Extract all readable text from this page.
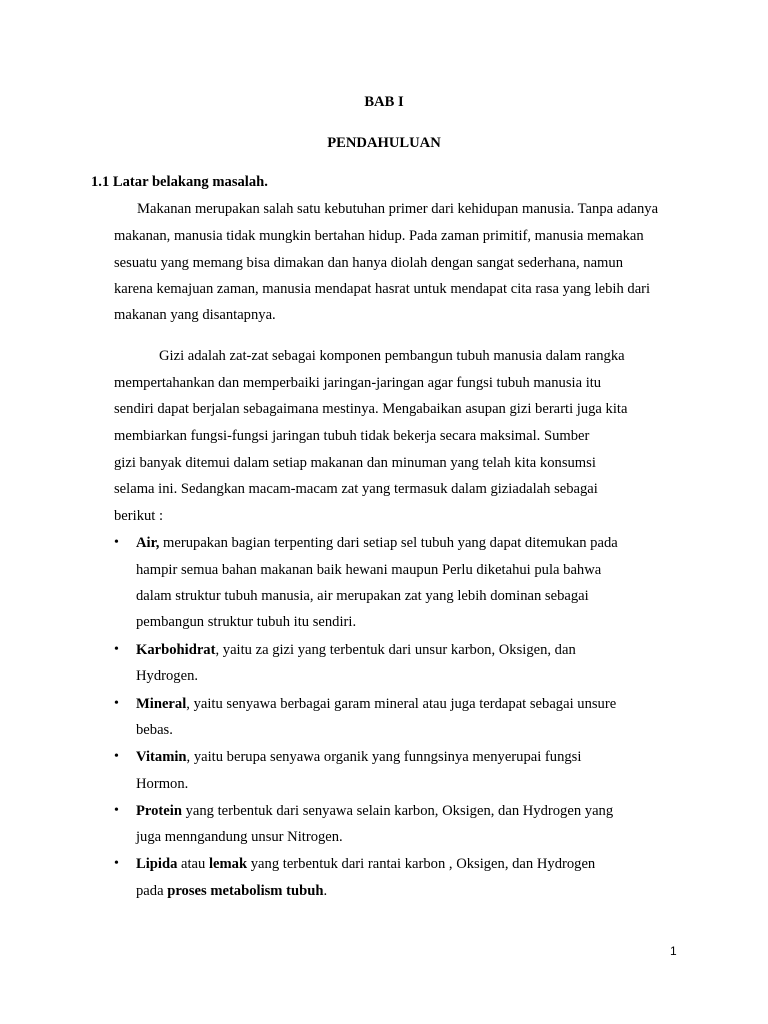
BAB I
PENDAHULUAN
1.1 Latar belakang masalah.
Makanan merupakan salah satu kebutuhan primer dari kehidupan manusia. Tanpa adanya
makanan, manusia tidak mungkin bertahan hidup. Pada zaman primitif, manusia memakan
sesuatu yang memang bisa dimakan dan hanya diolah dengan sangat sederhana, namun
karena kemajuan zaman, manusia mendapat hasrat untuk mendapat cita rasa yang lebih dari
makanan yang disantapnya.
Gizi adalah zat-zat sebagai komponen pembangun tubuh manusia dalam rangka
mempertahankan dan memperbaiki jaringan-jaringan agar fungsi tubuh manusia itu
sendiri dapat berjalan sebagaimana mestinya. Mengabaikan asupan gizi berarti juga kita
membiarkan fungsi-fungsi jaringan tubuh tidak bekerja secara maksimal. Sumber
gizi banyak ditemui dalam setiap makanan dan minuman yang telah kita konsumsi
selama ini. Sedangkan macam-macam zat yang termasuk dalam giziadalah sebagai
berikut :
• Air, merupakan bagian terpenting dari setiap sel tubuh yang dapat ditemukan pada
hampir semua bahan makanan baik hewani maupun Perlu diketahui pula bahwa
dalam struktur tubuh manusia, air merupakan zat yang lebih dominan sebagai
pembangun struktur tubuh itu sendiri.
• Karbohidrat, yaitu za gizi yang terbentuk dari unsur karbon, Oksigen, dan
Hydrogen.
• Mineral, yaitu senyawa berbagai garam mineral atau juga terdapat sebagai unsure
bebas.
• Vitamin, yaitu berupa senyawa organik yang funngsinya menyerupai fungsi
Hormon.
• Protein yang terbentuk dari senyawa selain karbon, Oksigen, dan Hydrogen yang
juga menngandung unsur Nitrogen.
• Lipida atau lemak yang terbentuk dari rantai karbon , Oksigen, dan Hydrogen
pada proses metabolism tubuh.
1
